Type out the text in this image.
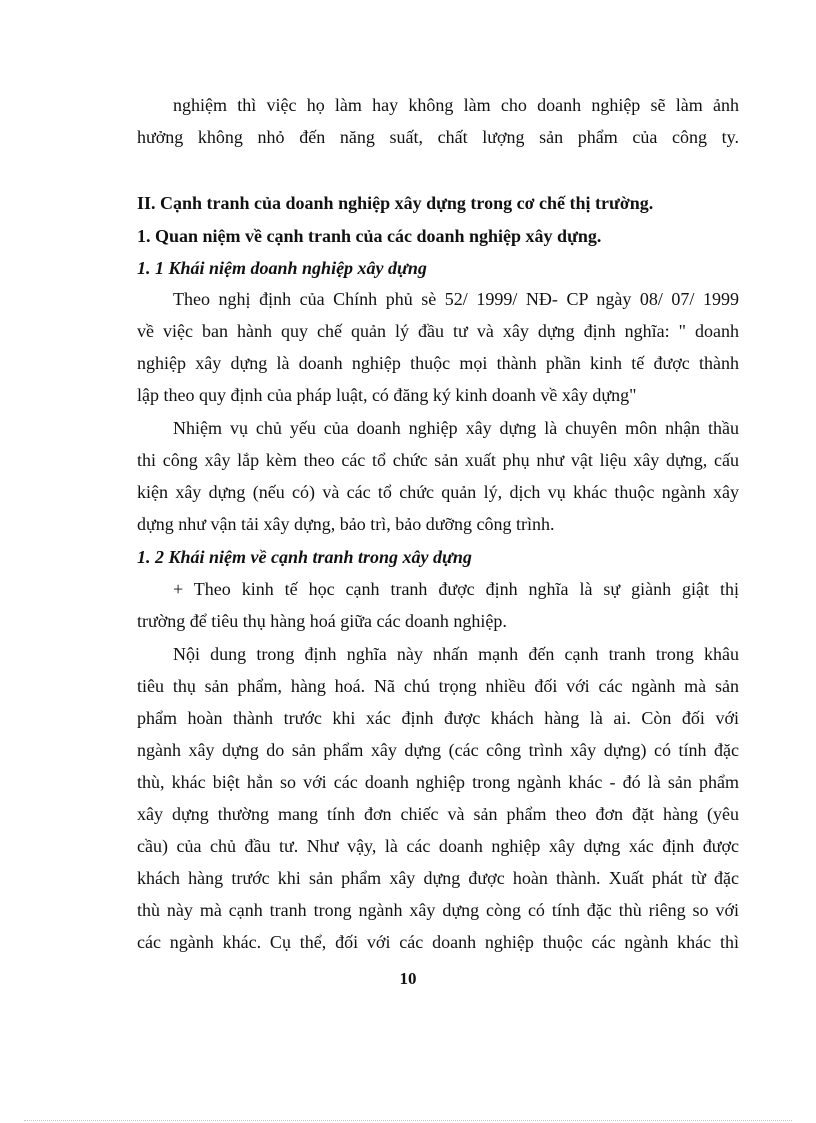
nghiệm thì việc họ làm hay không làm cho doanh nghiệp sẽ làm ảnh
hưởng không nhỏ đến năng suất, chất lượng sản phẩm của công ty.
II. Cạnh tranh của doanh nghiệp xây dựng trong cơ chế thị trường.
1. Quan niệm về cạnh tranh của các doanh nghiệp xây dựng.
1. 1 Khái niệm doanh nghiệp xây dựng
Theo nghị định của Chính phủ sè 52/ 1999/ NĐ- CP ngày 08/ 07/ 1999
về việc ban hành quy chế quản lý đầu tư và xây dựng định nghĩa: " doanh
nghiệp xây dựng là doanh nghiệp thuộc mọi thành phần kinh tế được thành
lập theo quy định của pháp luật, có đăng ký kinh doanh về xây dựng"
Nhiệm vụ chủ yếu của doanh nghiệp xây dựng là chuyên môn nhận thầu
thi công xây lắp kèm theo các tổ chức sản xuất phụ như vật liệu xây dựng, cấu
kiện xây dựng (nếu có) và các tổ chức quản lý, dịch vụ khác thuộc ngành xây
dựng như vận tải xây dựng, bảo trì, bảo dưỡng công trình.
1. 2 Khái niệm về cạnh tranh trong xây dựng
+ Theo kinh tế học cạnh tranh được định nghĩa là sự giành giật thị
trường để tiêu thụ hàng hoá giữa các doanh nghiệp.
Nội dung trong định nghĩa này nhấn mạnh đến cạnh tranh trong khâu
tiêu thụ sản phẩm, hàng hoá. Nã chú trọng nhiều đối với các ngành mà sản
phẩm hoàn thành trước khi xác định được khách hàng là ai. Còn đối với
ngành xây dựng do sản phẩm xây dựng (các công trình xây dựng) có tính đặc
thù, khác biệt hẳn so với các doanh nghiệp trong ngành khác - đó là sản phẩm
xây dựng thường mang tính đơn chiếc và sản phẩm theo đơn đặt hàng (yêu
cầu) của chủ đầu tư. Như vậy, là các doanh nghiệp xây dựng xác định được
khách hàng trước khi sản phẩm xây dựng được hoàn thành. Xuất phát từ đặc
thù này mà cạnh tranh trong ngành xây dựng còng có tính đặc thù riêng so với
các ngành khác. Cụ thể, đối với các doanh nghiệp thuộc các ngành khác thì
10
